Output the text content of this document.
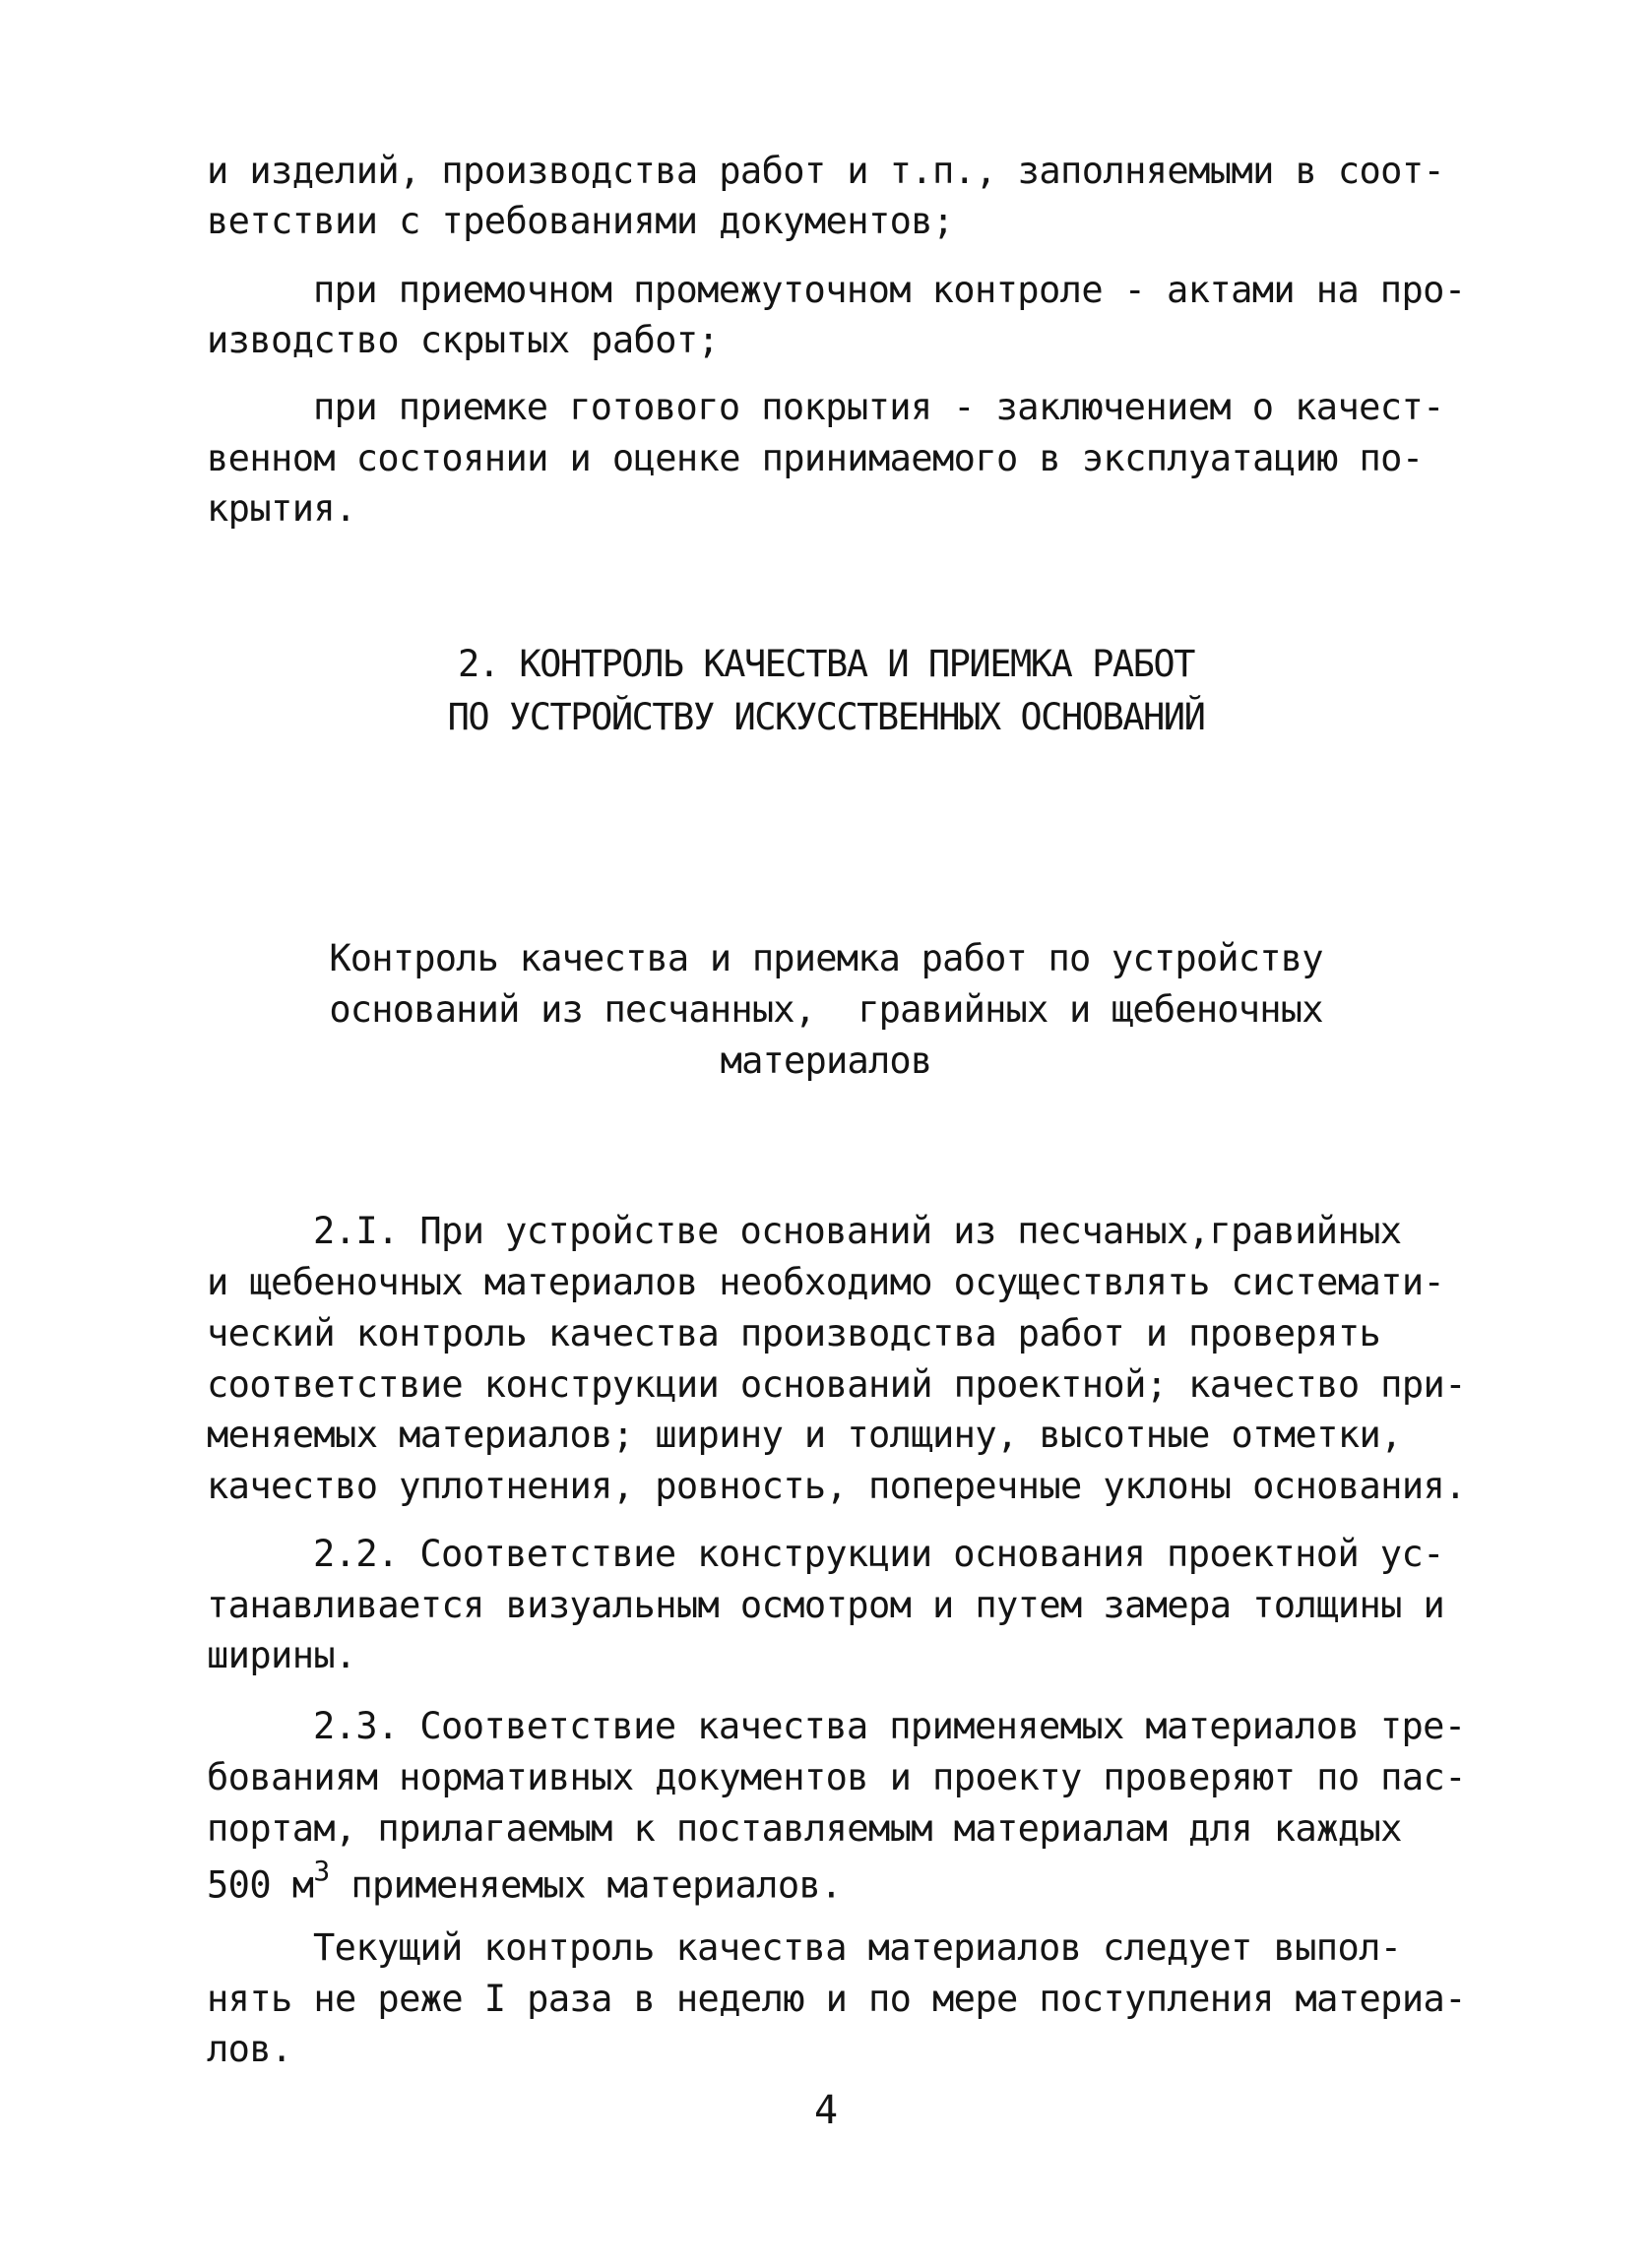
и изделий, производства работ и т.п., заполняемыми в соот-
ветствии с требованиями документов;
при приемочном промежуточном контроле - актами на про-
изводство скрытых работ;
при приемке готового покрытия - заключением о качест-
венном состоянии и оценке принимаемого в эксплуатацию по-
крытия.
2. КОНТРОЛЬ КАЧЕСТВА И ПРИЕМКА РАБОТ
ПО УСТРОЙСТВУ ИСКУССТВЕННЫХ ОСНОВАНИЙ
Контроль качества и приемка работ по устройству
оснований из песчанных,  гравийных и щебеночных
материалов
2.I. При устройстве оснований из песчаных,гравийных
и щебеночных материалов необходимо осуществлять системати-
ческий контроль качества производства работ и проверять
соответствие конструкции оснований проектной; качество при-
меняемых материалов; ширину и толщину, высотные отметки,
качество уплотнения, ровность, поперечные уклоны основания.
2.2. Соответствие конструкции основания проектной ус-
танавливается визуальным осмотром и путем замера толщины и
ширины.
2.3. Соответствие качества применяемых материалов тре-
бованиям нормативных документов и проекту проверяют по пас-
портам, прилагаемым к поставляемым материалам для каждых
500 $м^3$ применяемых материалов.
Текущий контроль качества материалов следует выпол-
нять не реже I раза в неделю и по мере поступления материа-
лов.
4
